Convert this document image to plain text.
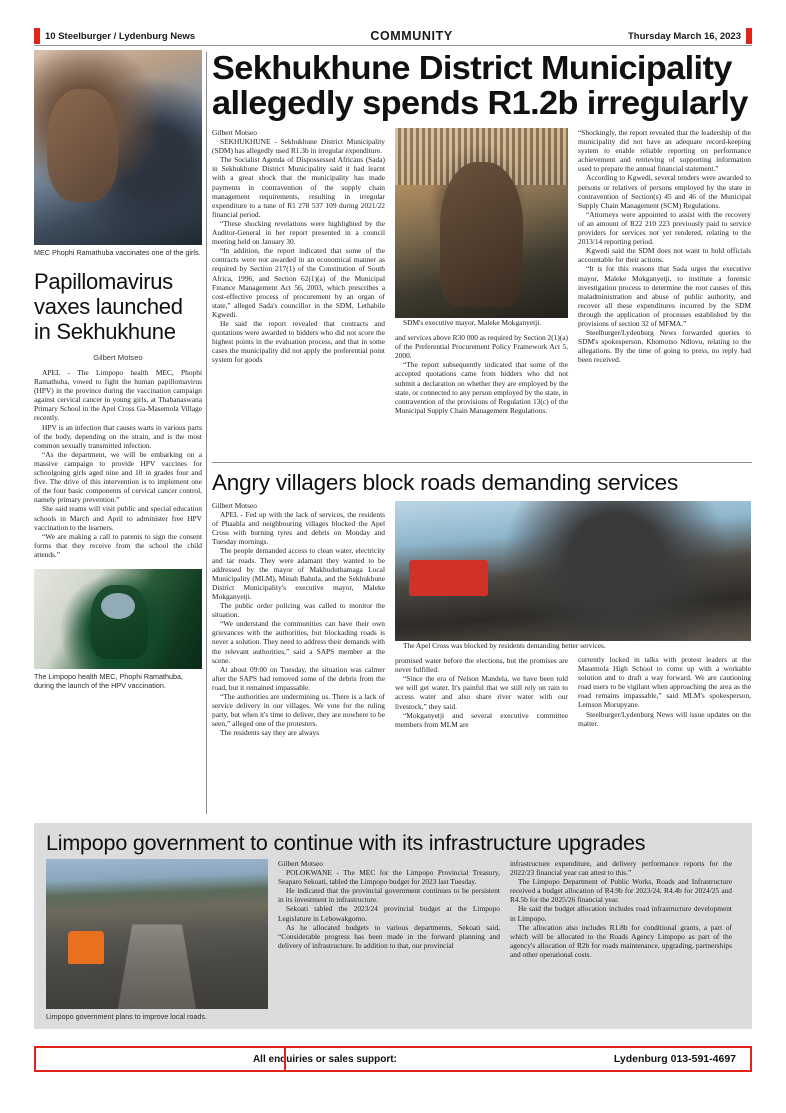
10 Steelburger / Lydenburg News	COMMUNITY	Thursday March 16, 2023

MEC Phophi Ramathuba vaccinates one of the girls.

Papillomavirus vaxes launched in Sekhukhune

Gilbert Motseo

APEL - The Limpopo health MEC, Phophi Ramathuba, vowed to fight the human papillomavirus (HPV) in the province during the vaccination campaign against cervical cancer in young girls, at Thabanaswana Primary School in the Apel Cross Ga-Masemola Village recently.

HPV is an infection that causes warts in various parts of the body, depending on the strain, and is the most common sexually transmitted infection.

“As the department, we will be embarking on a massive campaign to provide HPV vaccines for schoolgoing girls aged nine and 10 in grades four and five. The drive of this intervention is to implement one of the four basic components of cervical cancer control, namely primary prevention.”

She said teams will visit public and special education schools in March and April to administer free HPV vaccination to the learners.

“We are making a call to parents to sign the consent forms that they receive from the school the child attends.”

The Limpopo health MEC, Phophi Ramathuba, during the launch of the HPV vaccination.

Sekhukhune District Municipality allegedly spends R1.2b irregularly

Gilbert Motseo

SEKHUKHUNE - Sekhukhune District Municipality (SDM) has allegedly used R1.3b in irregular expenditure.

The Socialist Agenda of Dispossessed Africans (Sada) in Sekhukhune District Municipality said it had learnt with a great shock that the municipality has made payments in contravention of the supply chain management requirements, resulting in irregular expenditure to a tune of R1 278 537 109 during 2021/22 financial period.

“These shocking revelations were highlighted by the Auditor-General in her report presented in a council meeting held on January 30.

“In addition, the report indicated that some of the contracts were not awarded in an economical manner as required by Section 217(1) of the Constitution of South Africa, 1996, and Section 62(1)(a) of the Municipal Finance Management Act 56, 2003, which prescribes a cost-effective process of procurement by an organ of state,” alleged Sada's councillor in the SDM, Lethabile Kgwedi.

He said the report revealed that contracts and quotations were awarded to bidders who did not score the highest points in the evaluation process, and that in some cases the municipality did not apply the preferential point system for goods

SDM's executive mayor, Maleke Mokganyetji.

and services above R30 000 as required by Section 2(1)(a) of the Preferential Procurement Policy Framework Act 5, 2000.

“The report subsequently indicated that some of the accepted quotations came from bidders who did not submit a declaration on whether they are employed by the state, or connected to any person employed by the state, in contravention of the provisions of Regulation 13(c) of the Municipal Supply Chain Management Regulations.

“Shockingly, the report revealed that the leadership of the municipality did not have an adequate record-keeping system to enable reliable reporting on performance achievement and retrieving of supporting information used to prepare the annual financial statement.”

According to Kgwedi, several tenders were awarded to persons or relatives of persons employed by the state in contravention of Section(s) 45 and 46 of the Municipal Supply Chain Management (SCM) Regulations.

“Attorneys were appointed to assist with the recovery of an amount of R22 210 223 previously paid to service providers for services not yet rendered, relating to the 2013/14 reporting period.

Kgwedi said the SDM does not want to hold officials accountable for their actions.

“It is for this reasons that Sada urges the executive mayor, Maleke Mokganyetji, to institute a forensic investigation process to determine the root causes of this maladministration and abuse of public authority, and recover all these expenditures incurred by the SDM through the application of processes established by the provisions of section 32 of MFMA.”

Steelburger/Lydenburg News forwarded queries to SDM's spokesperson, Khomotso Ndlovu, relating to the allegations. By the time of going to press, no reply had been received.

Angry villagers block roads demanding services

Gilbert Motseo

APEL - Fed up with the lack of services, the residents of Phaahla and neighbouring villages blocked the Apel Cross with burning tyres and debris on Monday and Tuesday mornings.

The people demanded access to clean water, electricity and tar roads. They were adamant they wanted to be addressed by the mayor of Makhuduthamaga Local Municipality (MLM), Minah Bahula, and the Sekhukhune District Municipality's executive mayor, Maleke Mokganyetji.

The public order policing was called to monitor the situation.

“We understand the communities can have their own grievances with the authorities, but blockading roads is never a solution. They need to address their demands with the relevant authorities,” said a SAPS member at the scene.

At about 09:00 on Tuesday, the situation was calmer after the SAPS had removed some of the debris from the road, but it remained impassable.

“The authorities are undermining us. There is a lack of service delivery in our villages. We vote for the ruling party, but when it's time to deliver, they are nowhere to be seen,” alleged one of the protesters.

The residents say they are always

The Apel Cross was blocked by residents demanding better services.

promised water before the elections, but the promises are never fulfilled.

“Since the era of Nelson Mandela, we have been told we will get water. It's painful that we still rely on rain to access water and also share river water with our livestock,” they said.

“Mokganyetji and several executive committee members from MLM are

currently locked in talks with protest leaders at the Masemola High School to come up with a workable solution and to draft a way forward. We are cautioning road users to be vigilant when approaching the area as the road remains impassable,” said MLM's spokesperson, Lemson Morupyane.

Steelburger/Lydenburg News will issue updates on the matter.

Limpopo government to continue with its infrastructure upgrades

Limpopo government plans to improve local roads.

Gilbert Motseo

POLOKWANE - The MEC for the Limpopo Provincial Treasury, Seaparo Sekoati, tabled the Limpopo budget for 2023 last Tuesday.

He indicated that the provincial government continues to be persistent in its investment in infrastructure.

Sekoati tabled the 2023/24 provincial budget at the Limpopo Legislature in Lebowakgomo.

As he allocated budgets to various departments, Sekoati said, “Considerable progress has been made in the forward planning and delivery of infrastructure. In addition to that, our provincial

infrastructure expenditure, and delivery performance reports for the 2022/23 financial year can attest to this.”

The Limpopo Department of Public Works, Roads and Infrastructure received a budget allocation of R4.9b for 2023/24, R4.4b for 2024/25 and R4.5b for the 2025/26 financial year.

He said the budget allocation includes road infrastructure development in Limpopo.

The allocation also includes R1.8b for conditional grants, a part of which will be allocated to the Roads Agency Limpopo as part of the agency's allocation of R2b for roads maintenance, upgrading, partnerships and other operational costs.

All enquiries or sales support:	Lydenburg 013-591-4697
